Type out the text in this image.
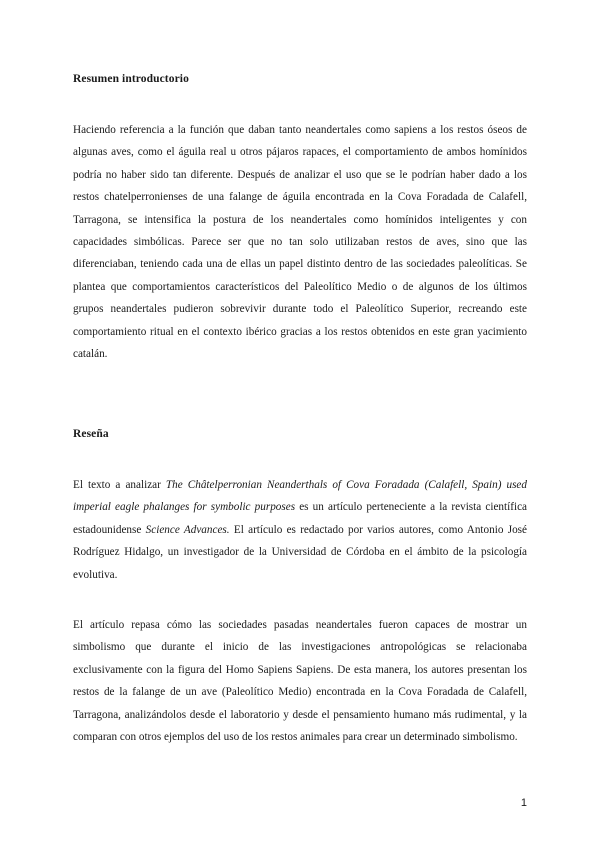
Resumen introductorio

Haciendo referencia a la función que daban tanto neandertales como sapiens a los restos óseos de algunas aves, como el águila real u otros pájaros rapaces, el comportamiento de ambos homínidos podría no haber sido tan diferente. Después de analizar el uso que se le podrían haber dado a los restos chatelperronienses de una falange de águila encontrada en la Cova Foradada de Calafell, Tarragona, se intensifica la postura de los neandertales como homínidos inteligentes y con capacidades simbólicas. Parece ser que no tan solo utilizaban restos de aves, sino que las diferenciaban, teniendo cada una de ellas un papel distinto dentro de las sociedades paleolíticas. Se plantea que comportamientos característicos del Paleolítico Medio o de algunos de los últimos grupos neandertales pudieron sobrevivir durante todo el Paleolítico Superior, recreando este comportamiento ritual en el contexto ibérico gracias a los restos obtenidos en este gran yacimiento catalán.

Reseña

El texto a analizar The Châtelperronian Neanderthals of Cova Foradada (Calafell, Spain) used imperial eagle phalanges for symbolic purposes es un artículo perteneciente a la revista científica estadounidense Science Advances. El artículo es redactado por varios autores, como Antonio José Rodríguez Hidalgo, un investigador de la Universidad de Córdoba en el ámbito de la psicología evolutiva.

El artículo repasa cómo las sociedades pasadas neandertales fueron capaces de mostrar un simbolismo que durante el inicio de las investigaciones antropológicas se relacionaba exclusivamente con la figura del Homo Sapiens Sapiens. De esta manera, los autores presentan los restos de la falange de un ave (Paleolítico Medio) encontrada en la Cova Foradada de Calafell, Tarragona, analizándolos desde el laboratorio y desde el pensamiento humano más rudimental, y la comparan con otros ejemplos del uso de los restos animales para crear un determinado simbolismo.

1
